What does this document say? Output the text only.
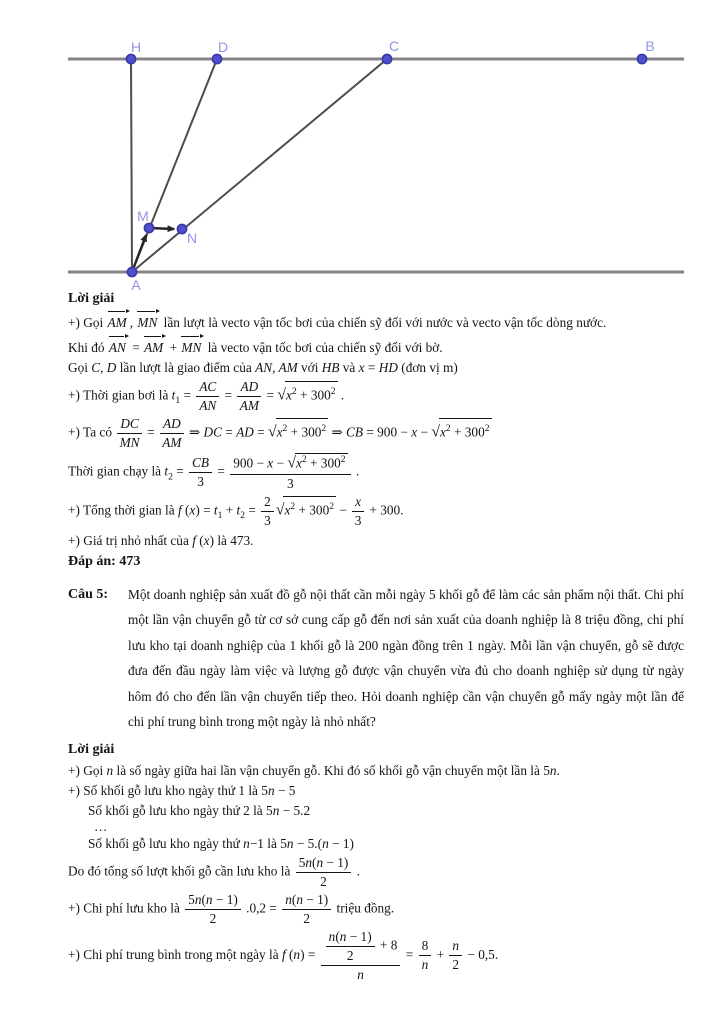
H	D	C	B
A
M
N
Lời giải
+) Gọi AM , MN lần lượt là vecto vận tốc bơi của chiến sỹ đối với nước và vecto vận tốc dòng nước.
Khi đó AN = AM + MN là vecto vận tốc bơi của chiến sỹ đối với bờ.
Gọi C, D lần lượt là giao điểm của AN, AM với HB và x = HD (đơn vị m)
+) Thời gian bơi là $t_1 = \frac{AC}{AN} = \frac{AD}{AM} = √x^2 + 300^2$ .
+) Ta có $\frac{DC}{MN} = \frac{AD}{AM}$ ⇒ DC = AD = $√x^2 + 300^2$ ⇒ CB = $900 - x - √x^2 + 300^2$
Thời gian chạy là $t_2 = \frac{CB}{3} = \frac{900 - x - √x^2 + 300^2}{3}$ .
+) Tổng thời gian là f $(x) = t_1 + t_2 = \frac{2}{3} √x^2 + 300^2 - \frac{x}{3} + 300$.
+) Giá trị nhỏ nhất của f (x) là 473.
Đáp án: 473
Câu 5:	Một doanh nghiệp sản xuất đồ gỗ nội thất cần mỗi ngày 5 khối gỗ để làm các sản phẩm nội thất. Chi phí một lần vận chuyển gỗ từ cơ sở cung cấp gỗ đến nơi sản xuất của doanh nghiệp là 8 triệu đồng, chi phí lưu kho tại doanh nghiệp của 1 khối gỗ là 200 ngàn đồng trên 1 ngày. Mỗi lần vận chuyển, gỗ sẽ được đưa đến đầu ngày làm việc và lượng gỗ được vận chuyển vừa đủ cho doanh nghiệp sử dụng từ ngày hôm đó cho đến lần vận chuyển tiếp theo. Hỏi doanh nghiệp cần vận chuyển gỗ mấy ngày một lần để chi phí trung bình trong một ngày là nhỏ nhất?
Lời giải
+) Gọi n là số ngày giữa hai lần vận chuyển gỗ. Khi đó số khối gỗ vận chuyển một lần là 5n.
+) Số khối gỗ lưu kho ngày thứ 1 là 5n − 5
Số khối gỗ lưu kho ngày thứ 2 là 5n − 5.2
…
Số khối gỗ lưu kho ngày thứ n−1 là 5n − 5.(n − 1)
Do đó tổng số lượt khối gỗ cần lưu kho là $\frac{5n(n - 1)}{2}$ .
+) Chi phí lưu kho là $\frac{5n(n - 1)}{2} .0,2 = \frac{n(n - 1)}{2}$ triệu đồng.
+) Chi phí trung bình trong một ngày là f $(n) = \frac{\frac{n(n - 1)}{2} + 8}{n} = \frac{8}{n} + \frac{n}{2} - 0,5$.
